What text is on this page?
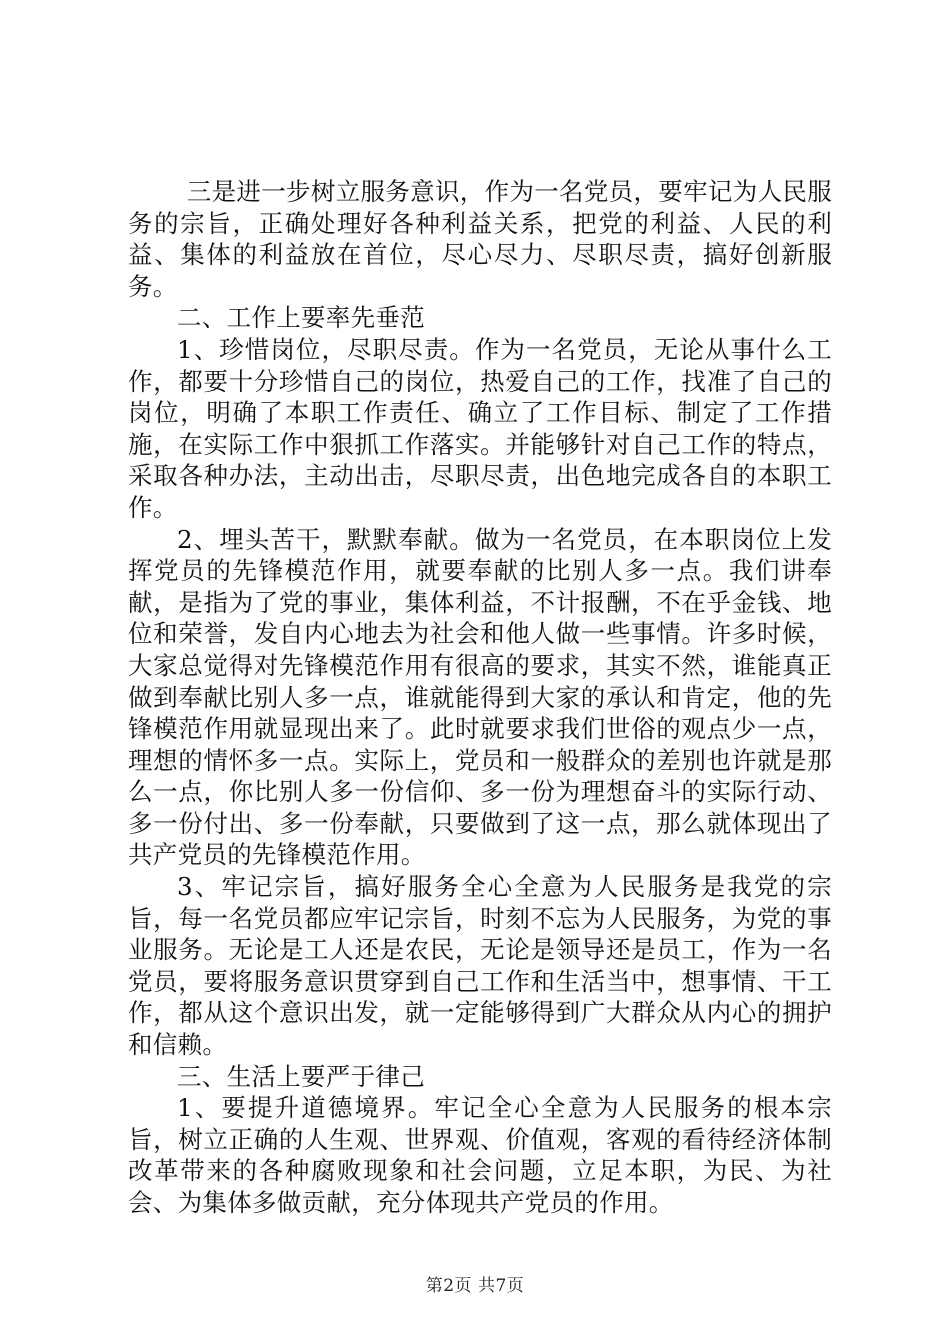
三是进一步树立服务意识，作为一名党员，要牢记为人民服务的宗旨，正确处理好各种利益关系，把党的利益、人民的利益、集体的利益放在首位，尽心尽力、尽职尽责，搞好创新服务。

二、工作上要率先垂范

1、珍惜岗位，尽职尽责。作为一名党员，无论从事什么工作，都要十分珍惜自己的岗位，热爱自己的工作，找准了自己的岗位，明确了本职工作责任、确立了工作目标、制定了工作措施，在实际工作中狠抓工作落实。并能够针对自己工作的特点，采取各种办法，主动出击，尽职尽责，出色地完成各自的本职工作。

2、埋头苦干，默默奉献。做为一名党员，在本职岗位上发挥党员的先锋模范作用，就要奉献的比别人多一点。我们讲奉献，是指为了党的事业，集体利益，不计报酬，不在乎金钱、地位和荣誉，发自内心地去为社会和他人做一些事情。许多时候，大家总觉得对先锋模范作用有很高的要求，其实不然，谁能真正做到奉献比别人多一点，谁就能得到大家的承认和肯定，他的先锋模范作用就显现出来了。此时就要求我们世俗的观点少一点，理想的情怀多一点。实际上，党员和一般群众的差别也许就是那么一点，你比别人多一份信仰、多一份为理想奋斗的实际行动、多一份付出、多一份奉献，只要做到了这一点，那么就体现出了共产党员的先锋模范作用。

3、牢记宗旨，搞好服务全心全意为人民服务是我党的宗旨，每一名党员都应牢记宗旨，时刻不忘为人民服务，为党的事业服务。无论是工人还是农民，无论是领导还是员工，作为一名党员，要将服务意识贯穿到自己工作和生活当中，想事情、干工作，都从这个意识出发，就一定能够得到广大群众从内心的拥护和信赖。

三、生活上要严于律己

1、要提升道德境界。牢记全心全意为人民服务的根本宗旨，树立正确的人生观、世界观、价值观，客观的看待经济体制改革带来的各种腐败现象和社会问题，立足本职，为民、为社会、为集体多做贡献，充分体现共产党员的作用。

第2页 共7页
